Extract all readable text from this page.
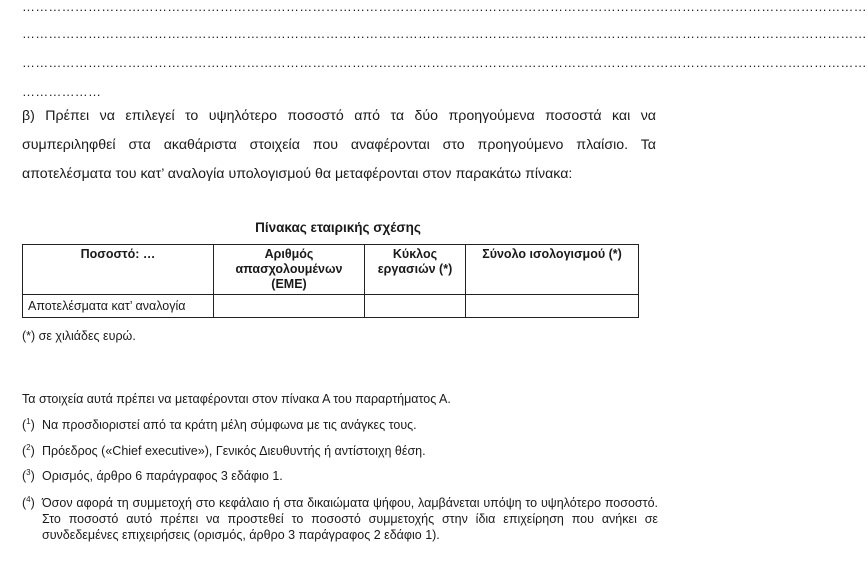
…………………………………………………………………………………………………………………………………………………………………………
…………………………………………………………………………………………………………………………………………………………………………
…………………………………………………………………………………………………………………………………………………………………………
………………

β) Πρέπει να επιλεγεί το υψηλότερο ποσοστό από τα δύο προηγούμενα ποσοστά και να συμπεριληφθεί στα ακαθάριστα στοιχεία που αναφέρονται στο προηγούμενο πλαίσιο. Τα αποτελέσματα του κατ’ αναλογία υπολογισμού θα μεταφέρονται στον παρακάτω πίνακα:

Πίνακας εταιρικής σχέσης
Ποσοστό: …	Αριθμός απασχολουμένων (ΕΜΕ)	Κύκλος εργασιών (*)	Σύνολο ισολογισμού (*)
Αποτελέσματα κατ’ αναλογία			
(*) σε χιλιάδες ευρώ.
Τα στοιχεία αυτά πρέπει να μεταφέρονται στον πίνακα Α του παραρτήματος Α.
($^1$) Να προσδιοριστεί από τα κράτη μέλη σύμφωνα με τις ανάγκες τους.
($^2$) Πρόεδρος («Chief executive»), Γενικός Διευθυντής ή αντίστοιχη θέση.
($^3$) Ορισμός, άρθρο 6 παράγραφος 3 εδάφιο 1.
($^4$) Όσον αφορά τη συμμετοχή στο κεφάλαιο ή στα δικαιώματα ψήφου, λαμβάνεται υπόψη το υψηλότερο ποσοστό. Στο ποσοστό αυτό πρέπει να προστεθεί το ποσοστό συμμετοχής στην ίδια επιχείρηση που ανήκει σε συνδεδεμένες επιχειρήσεις (ορισμός, άρθρο 3 παράγραφος 2 εδάφιο 1).
